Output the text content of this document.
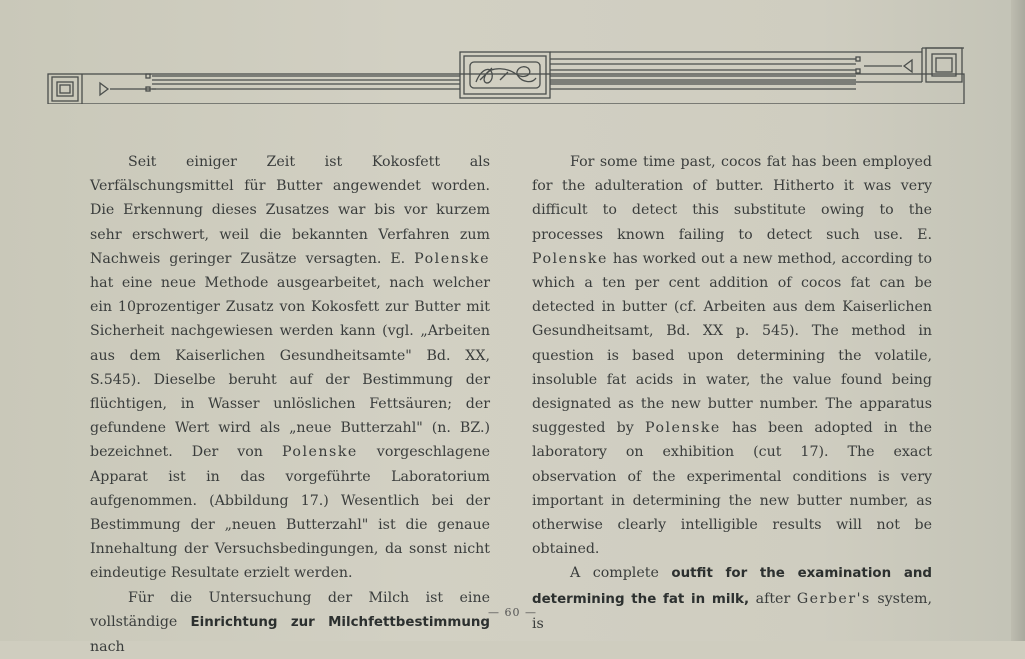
Seit einiger Zeit ist Kokosfett als Verfälschungsmittel für Butter angewendet worden. Die Erkennung dieses Zusatzes war bis vor kurzem sehr erschwert, weil die bekannten Verfahren zum Nachweis geringer Zusätze versagten. E. Polenske hat eine neue Methode ausgearbeitet, nach welcher ein 10prozentiger Zusatz von Kokosfett zur Butter mit Sicherheit nachgewiesen werden kann (vgl. „Arbeiten aus dem Kaiserlichen Gesundheitsamte" Bd. XX, S.545). Dieselbe beruht auf der Bestimmung der flüchtigen, in Wasser unlöslichen Fettsäuren; der gefundene Wert wird als „neue Butterzahl" (n. BZ.) bezeichnet. Der von Polenske vorgeschlagene Apparat ist in das vorgeführte Laboratorium aufgenommen. (Abbildung 17.) Wesentlich bei der Bestimmung der „neuen Butterzahl" ist die genaue Innehaltung der Versuchsbedingungen, da sonst nicht eindeutige Resultate erzielt werden.

Für die Untersuchung der Milch ist eine vollständige Einrichtung zur Milchfettbestimmung nach

For some time past, cocos fat has been employed for the adulteration of butter. Hitherto it was very difficult to detect this substitute owing to the processes known failing to detect such use. E. Polenske has worked out a new method, according to which a ten per cent addition of cocos fat can be detected in butter (cf. Arbeiten aus dem Kaiserlichen Gesundheitsamt, Bd. XX p. 545). The method in question is based upon determining the volatile, insoluble fat acids in water, the value found being designated as the new butter number. The apparatus suggested by Polenske has been adopted in the laboratory on exhibition (cut 17). The exact observation of the experimental conditions is very important in determining the new butter number, as otherwise clearly intelligible results will not be obtained.

A complete outfit for the examination and determining the fat in milk, after Gerber's system, is

— 60 —
